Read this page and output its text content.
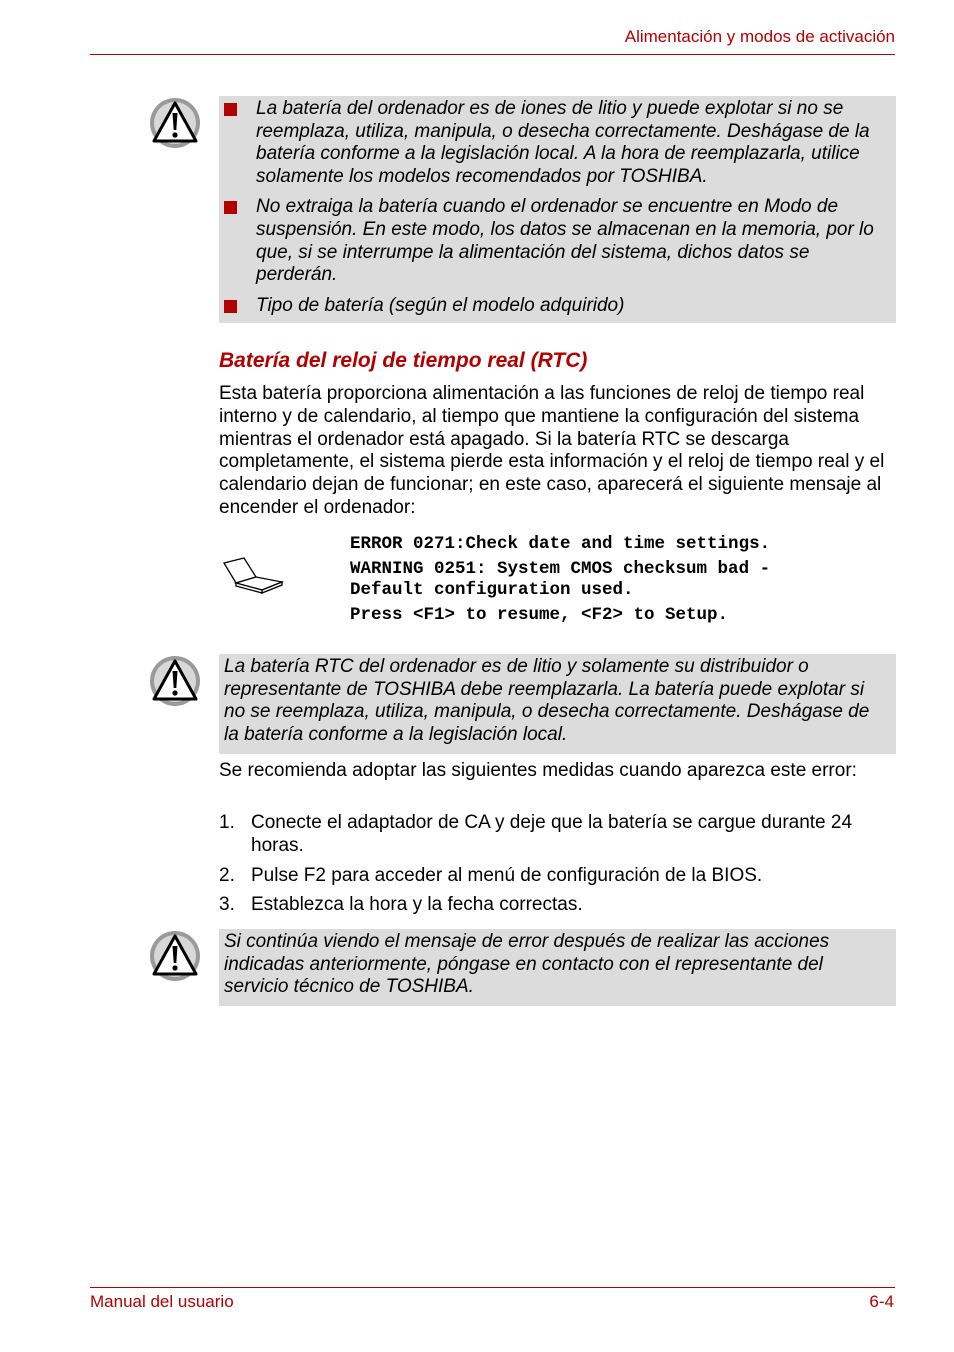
Alimentación y modos de activación
La batería del ordenador es de iones de litio y puede explotar si no se reemplaza, utiliza, manipula, o desecha correctamente. Deshágase de la batería conforme a la legislación local. A la hora de reemplazarla, utilice solamente los modelos recomendados por TOSHIBA.
No extraiga la batería cuando el ordenador se encuentre en Modo de suspensión. En este modo, los datos se almacenan en la memoria, por lo que, si se interrumpe la alimentación del sistema, dichos datos se perderán.
Tipo de batería (según el modelo adquirido)
Batería del reloj de tiempo real (RTC)
Esta batería proporciona alimentación a las funciones de reloj de tiempo real interno y de calendario, al tiempo que mantiene la configuración del sistema mientras el ordenador está apagado. Si la batería RTC se descarga completamente, el sistema pierde esta información y el reloj de tiempo real y el calendario dejan de funcionar; en este caso, aparecerá el siguiente mensaje al encender el ordenador:
ERROR 0271:Check date and time settings.
WARNING 0251: System CMOS checksum bad -
Default configuration used.
Press <F1> to resume, <F2> to Setup.
La batería RTC del ordenador es de litio y solamente su distribuidor o representante de TOSHIBA debe reemplazarla. La batería puede explotar si no se reemplaza, utiliza, manipula, o desecha correctamente. Deshágase de la batería conforme a la legislación local.
Se recomienda adoptar las siguientes medidas cuando aparezca este error:
1. Conecte el adaptador de CA y deje que la batería se cargue durante 24 horas.
2. Pulse F2 para acceder al menú de configuración de la BIOS.
3. Establezca la hora y la fecha correctas.
Si continúa viendo el mensaje de error después de realizar las acciones indicadas anteriormente, póngase en contacto con el representante del servicio técnico de TOSHIBA.
Manual del usuario	6-4
